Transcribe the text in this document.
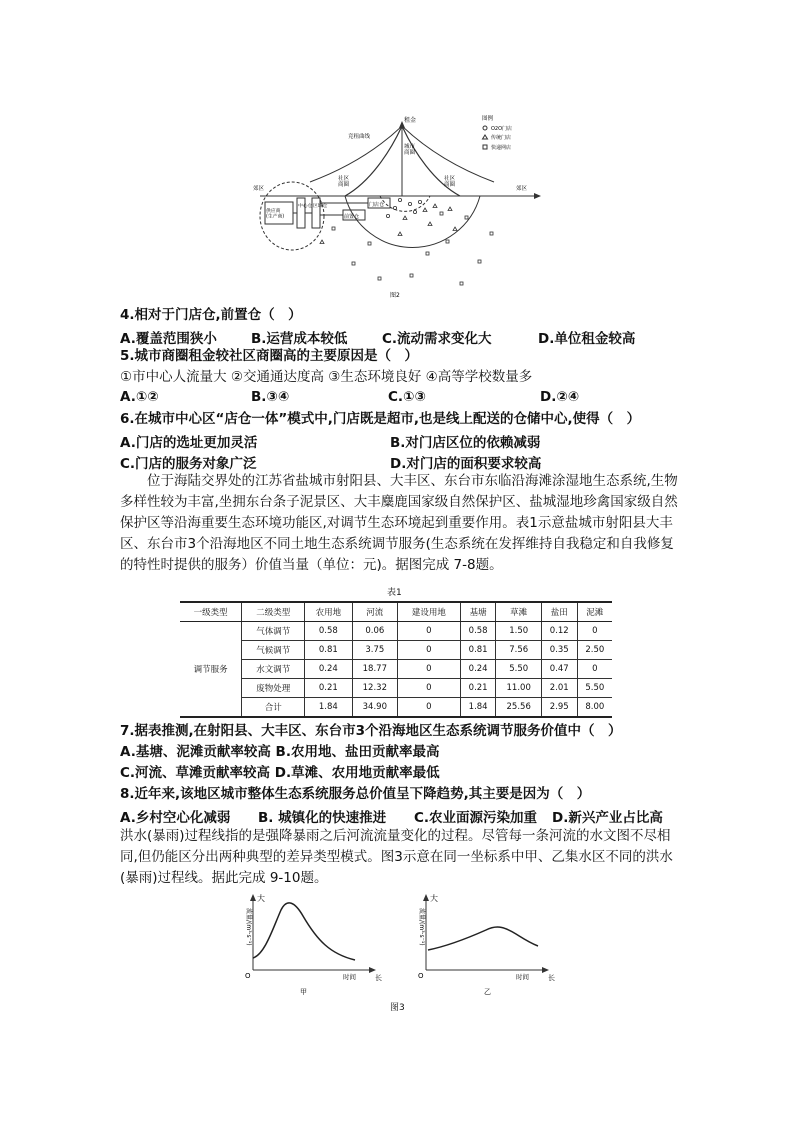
租金
竞租曲线
城市商圈
社区商圈
社区商圈
郊区	郊区
供应商(生产商)
中心仓 区域仓	门店仓
前置仓
图例
O2O门店
传统门店
快递网店
图2
4.相对于门店仓,前置仓（　）
A.覆盖范围狭小	B.运营成本较低	C.流动需求变化大	D.单位租金较高
5.城市商圈租金较社区商圈高的主要原因是（　）
①市中心人流量大 ②交通通达度高 ③生态环境良好 ④高等学校数量多
A.①②	B.③④	C.①③	D.②④
6.在城市中心区“店仓一体”模式中,门店既是超市,也是线上配送的仓储中心,使得（　）
A.门店的选址更加灵活	B.对门店区位的依赖减弱
C.门店的服务对象广泛	D.对门店的面积要求较高
位于海陆交界处的江苏省盐城市射阳县、大丰区、东台市东临沿海滩涂湿地生态系统,生物多样性较为丰富,坐拥东台条子泥景区、大丰麋鹿国家级自然保护区、盐城湿地珍禽国家级自然保护区等沿海重要生态环境功能区,对调节生态环境起到重要作用。表1示意盐城市射阳县大丰区、东台市3个沿海地区不同土地生态系统调节服务(生态系统在发挥维持自我稳定和自我修复的特性时提供的服务）价值当量（单位：元)。据图完成 7-8题。
表1
一级类型	二级类型	农用地	河流	建设用地	基塘	草滩	盐田	泥滩
调节服务	气体调节	0.58	0.06	0	0.58	1.50	0.12	0
	气候调节	0.81	3.75	0	0.81	7.56	0.35	2.50
	水文调节	0.24	18.77	0	0.24	5.50	0.47	0
	废物处理	0.21	12.32	0	0.21	11.00	2.01	5.50
	合计	1.84	34.90	0	1.84	25.56	2.95	8.00
7.据表推测,在射阳县、大丰区、东台市3个沿海地区生态系统调节服务价值中（　）
A.基塘、泥滩贡献率较高 B.农用地、盐田贡献率最高
C.河流、草滩贡献率较高 D.草滩、农用地贡献率最低
8.近年来,该地区城市整体生态系统服务总价值呈下降趋势,其主要是因为（　）
A.乡村空心化减弱 B. 城镇化的快速推进 C.农业面源污染加重 D.新兴产业占比高
洪水(暴雨)过程线指的是强降暴雨之后河流流量变化的过程。尽管每一条河流的水文图不尽相同,但仍能区分出两种典型的差异类型模式。图3示意在同一坐标系中甲、乙集水区不同的洪水(暴雨)过程线。据此完成 9-10题。
大
O	时间	长
流量/(m³·s⁻¹)
甲
大
O	时间	长
流量/(m³·s⁻¹)
乙
图3
